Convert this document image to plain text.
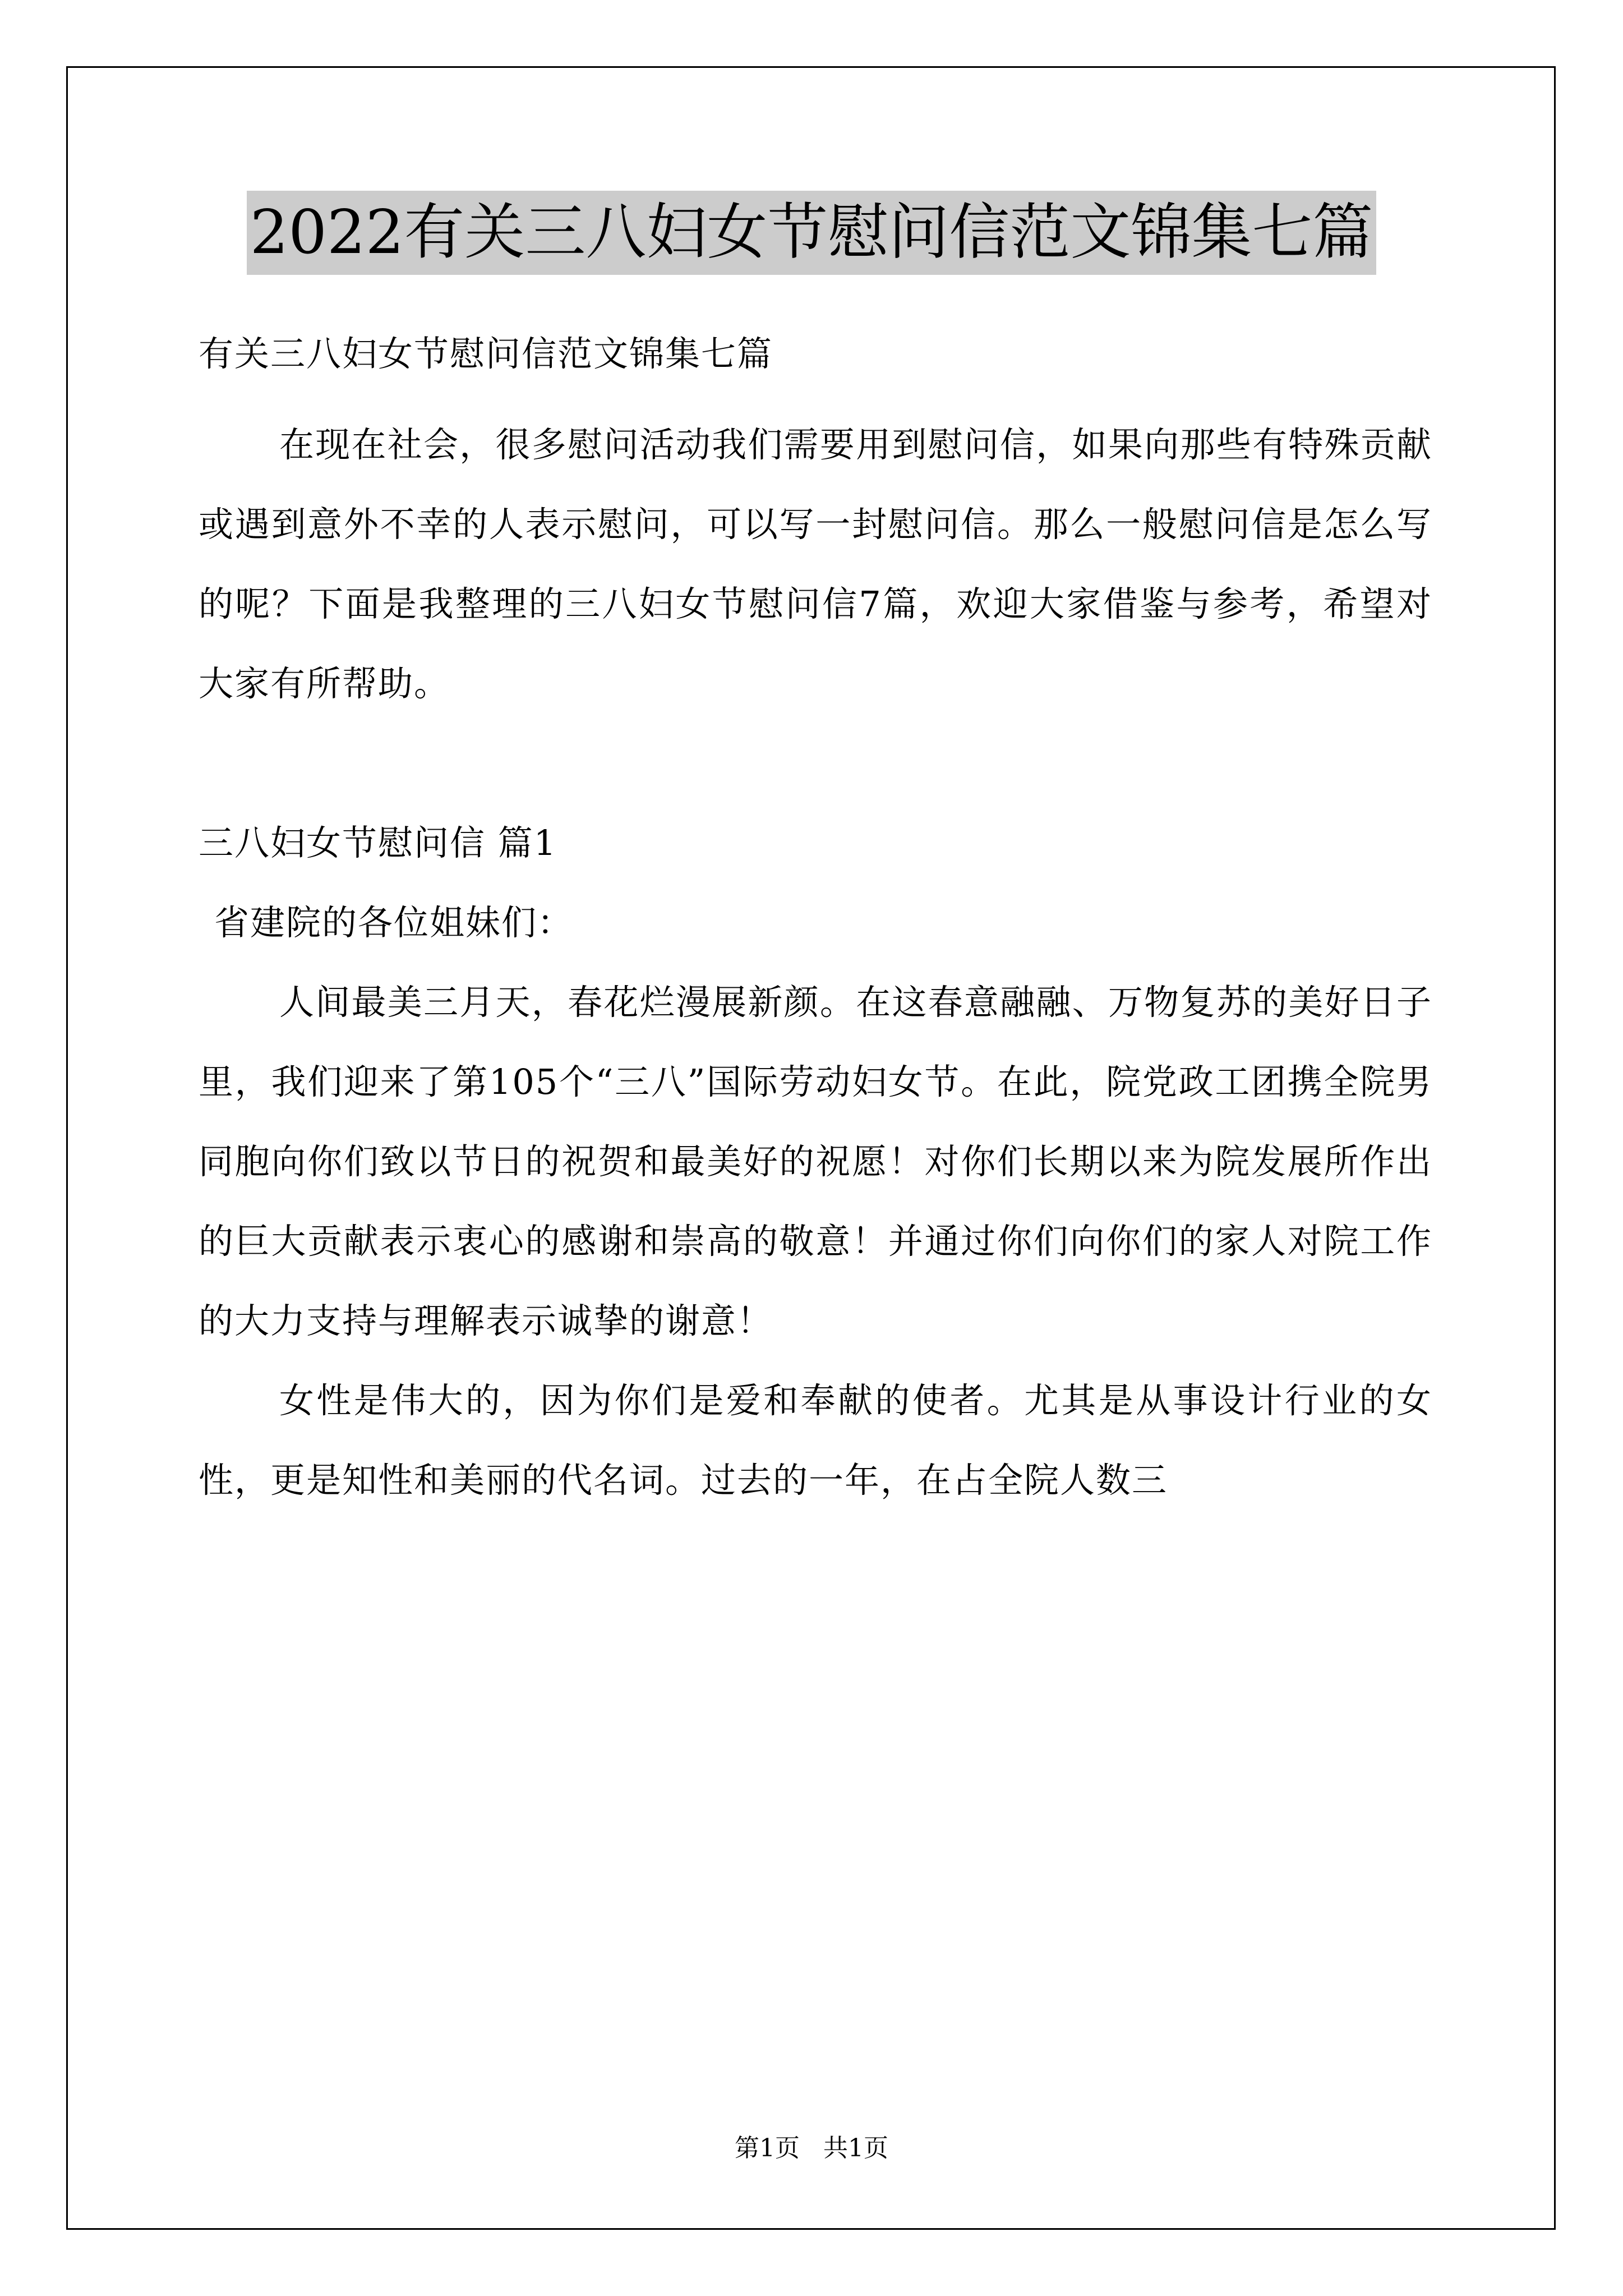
2022有关三八妇女节慰问信范文锦集七篇

有关三八妇女节慰问信范文锦集七篇

在现在社会，很多慰问活动我们需要用到慰问信，如果向那些有特殊贡献或遇到意外不幸的人表示慰问，可以写一封慰问信。那么一般慰问信是怎么写的呢？下面是我整理的三八妇女节慰问信7篇，欢迎大家借鉴与参考，希望对大家有所帮助。

三八妇女节慰问信 篇1

省建院的各位姐妹们：

人间最美三月天，春花烂漫展新颜。在这春意融融、万物复苏的美好日子里，我们迎来了第105个“三八”国际劳动妇女节。在此，院党政工团携全院男同胞向你们致以节日的祝贺和最美好的祝愿！对你们长期以来为院发展所作出的巨大贡献表示衷心的感谢和崇高的敬意！并通过你们向你们的家人对院工作的大力支持与理解表示诚挚的谢意！

女性是伟大的，因为你们是爱和奉献的使者。尤其是从事设计行业的女性，更是知性和美丽的代名词。过去的一年，在占全院人数三

第1页   共1页
